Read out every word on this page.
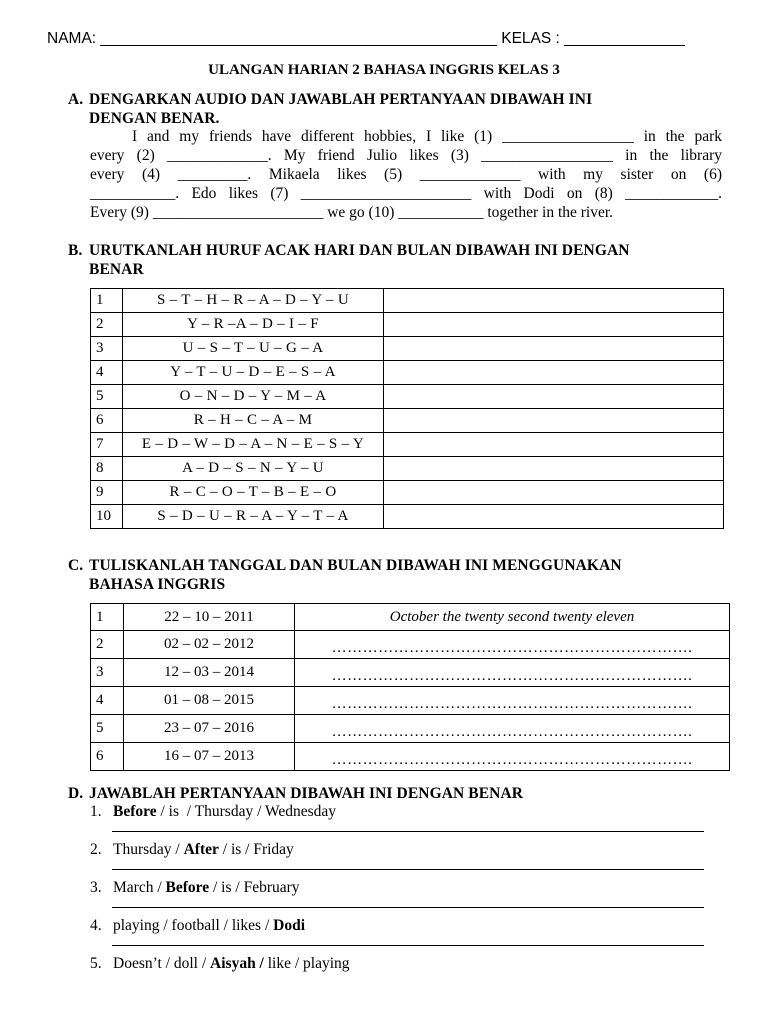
NAMA: ______________________________________________ KELAS : ______________
ULANGAN HARIAN 2 BAHASA INGGRIS KELAS 3
A. DENGARKAN AUDIO DAN JAWABLAH PERTANYAAN DIBAWAH INI
DENGAN BENAR.
I and my friends have different hobbies, I like (1) _________________ in the park
every (2) _____________. My friend Julio likes (3) _________________ in the library
every (4) _________. Mikaela likes (5) _____________ with my sister on (6)
___________. Edo likes (7) ______________________ with Dodi on (8) ____________.
Every (9) ______________________ we go (10) ___________ together in the river.
B. URUTKANLAH HURUF ACAK HARI DAN BULAN DIBAWAH INI DENGAN
BENAR
1	S – T – H – R – A – D – Y – U	
2	Y – R –A – D – I – F	
3	U – S – T – U – G – A	
4	Y – T – U – D – E – S – A	
5	O – N – D – Y – M – A	
6	R – H – C – A – M	
7	E – D – W – D – A – N – E – S – Y	
8	A – D – S – N – Y – U	
9	R – C – O – T – B – E – O	
10	S – D – U – R – A – Y – T – A	
C. TULISKANLAH TANGGAL DAN BULAN DIBAWAH INI MENGGUNAKAN
BAHASA INGGRIS
1	22 – 10 – 2011	October the twenty second twenty eleven
2	02 – 02 – 2012	…………………………………………………………….
3	12 – 03 – 2014	…………………………………………………………….
4	01 – 08 – 2015	…………………………………………………………….
5	23 – 07 – 2016	…………………………………………………………….
6	16 – 07 – 2013	…………………………………………………………….
D. JAWABLAH PERTANYAAN DIBAWAH INI DENGAN BENAR
1. Before / is  / Thursday / Wednesday
2. Thursday / After / is / Friday
3. March / Before / is / February
4. playing / football / likes / Dodi
5. Doesn’t / doll / Aisyah / like / playing
